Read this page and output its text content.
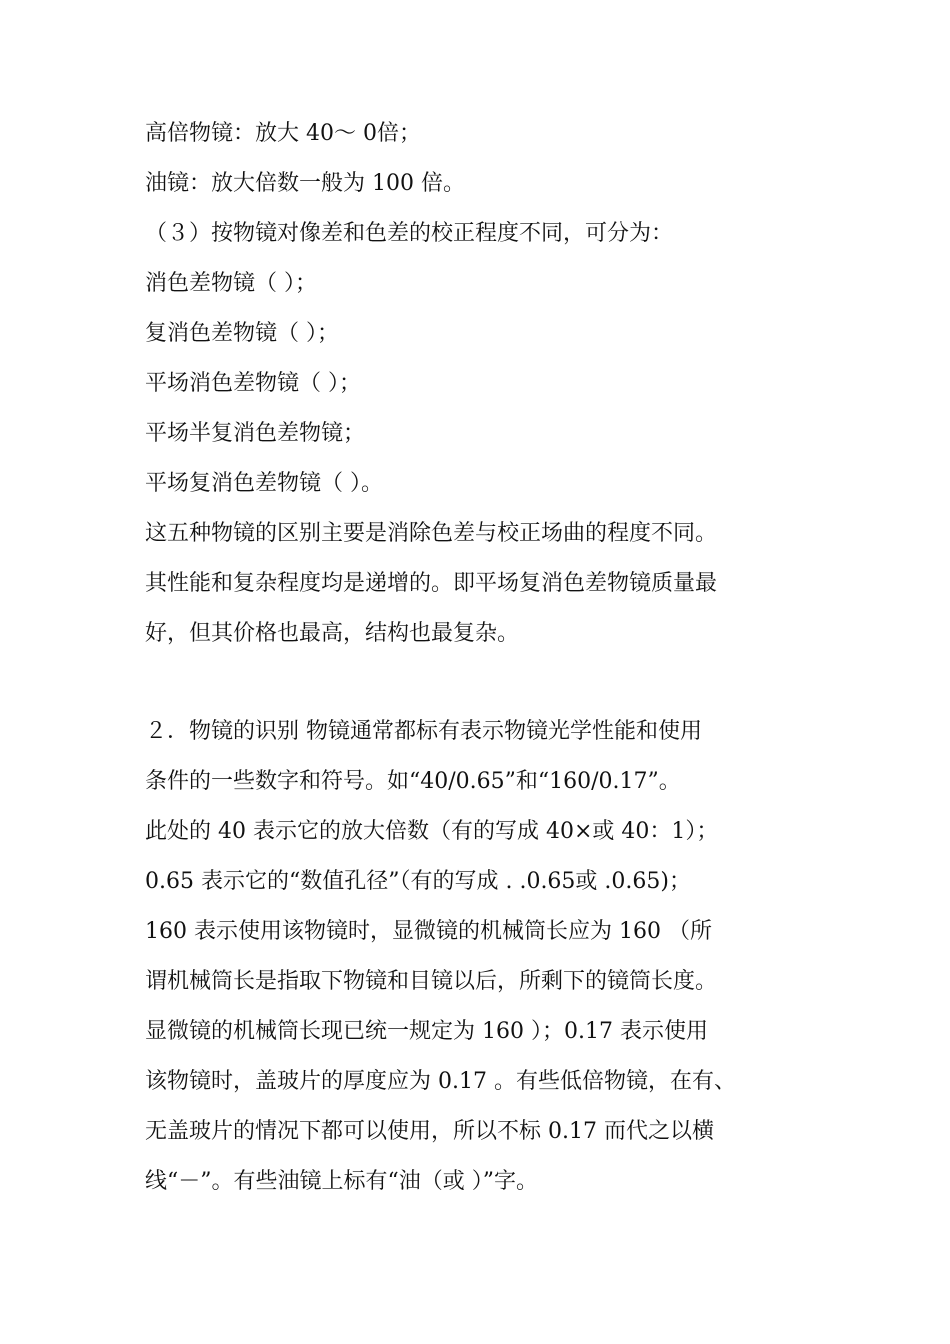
高倍物镜：放大 40～ 0倍；
油镜：放大倍数一般为 100 倍。
（３）按物镜对像差和色差的校正程度不同，可分为：
消色差物镜（ ）；
复消色差物镜（ ）；
平场消色差物镜（ ）；
平场半复消色差物镜；
平场复消色差物镜（ ）。
这五种物镜的区别主要是消除色差与校正场曲的程度不同。
其性能和复杂程度均是递增的。即平场复消色差物镜质量最
好，但其价格也最高，结构也最复杂。
２．物镜的识别 物镜通常都标有表示物镜光学性能和使用
条件的一些数字和符号。如“40/0.65”和“160/0.17”。
此处的 40 表示它的放大倍数（有的写成 40×或 40：1）；
0.65 表示它的“数值孔径”（有的写成 . .0.65或 .0.65)；
160 表示使用该物镜时，显微镜的机械筒长应为 160 （所
谓机械筒长是指取下物镜和目镜以后，所剩下的镜筒长度。
显微镜的机械筒长现已统一规定为 160 ）；0.17 表示使用
该物镜时，盖玻片的厚度应为 0.17 。有些低倍物镜，在有、
无盖玻片的情况下都可以使用，所以不标 0.17 而代之以横
线“－”。有些油镜上标有“油（或 ）”字。
